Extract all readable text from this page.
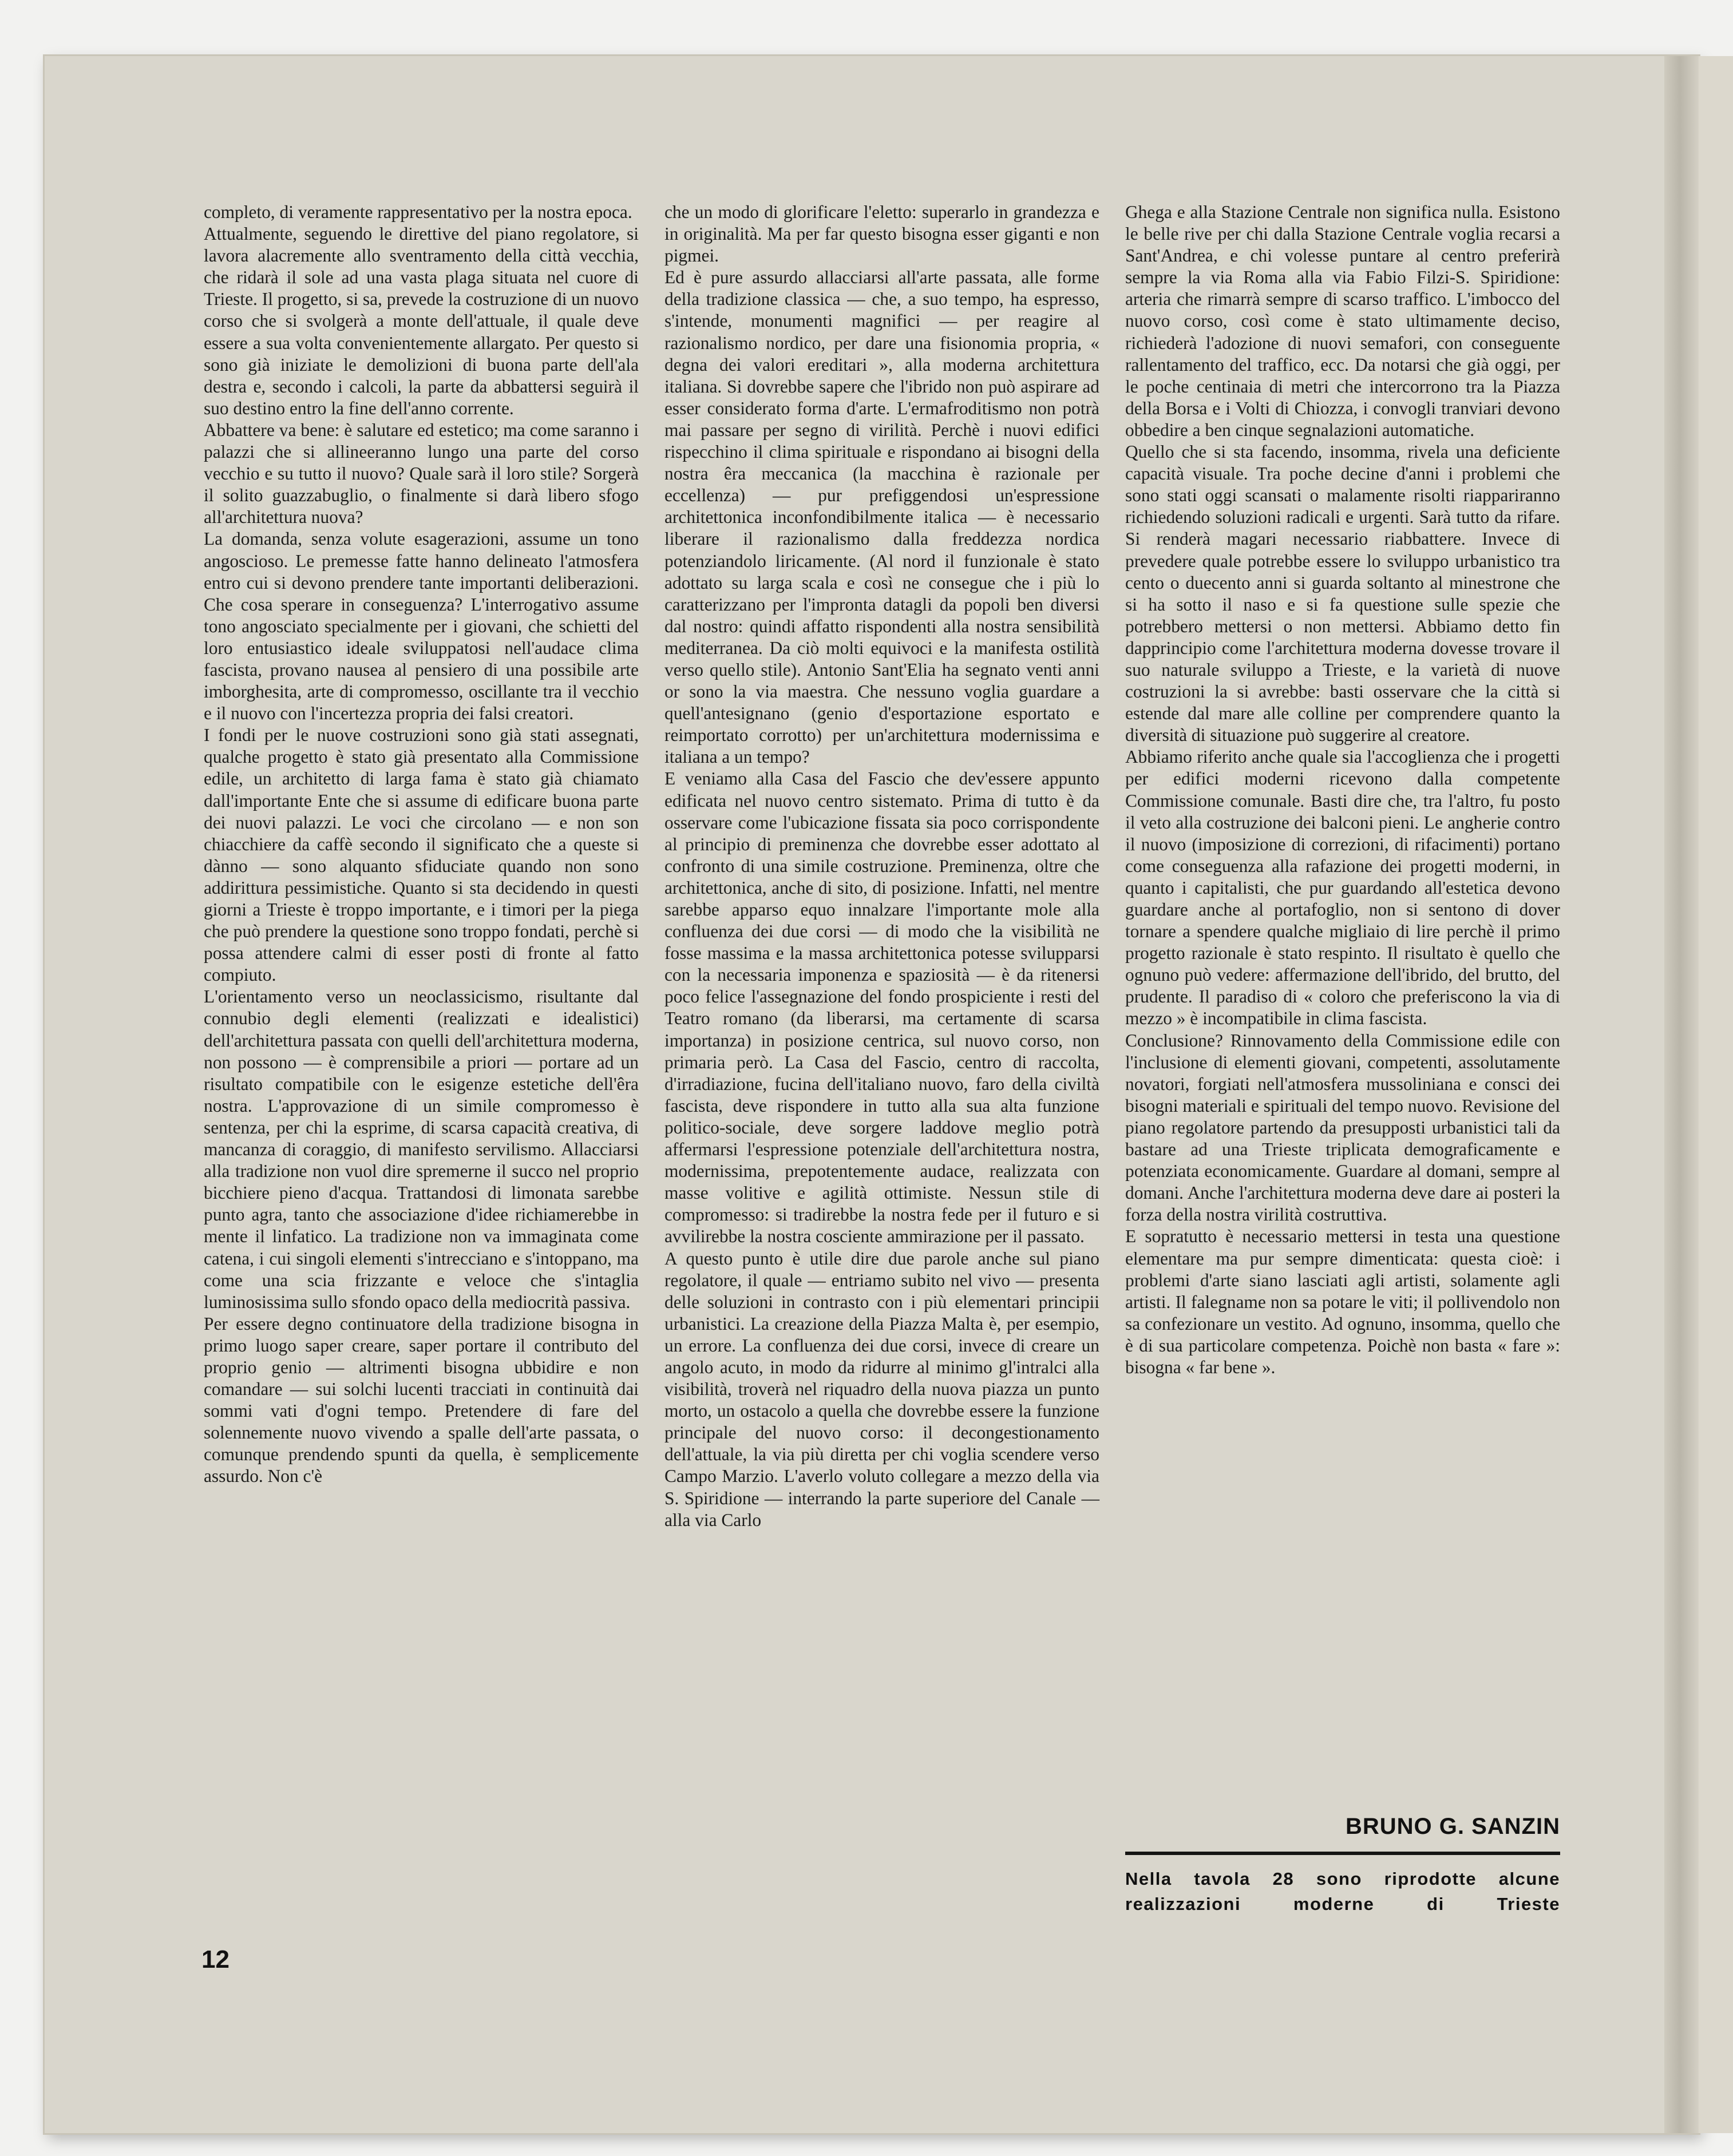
completo, di veramente rappresentativo per la nostra epoca.

Attualmente, seguendo le direttive del piano regolatore, si lavora alacremente allo sventramento della città vecchia, che ridarà il sole ad una vasta plaga situata nel cuore di Trieste. Il progetto, si sa, prevede la costruzione di un nuovo corso che si svolgerà a monte dell'attuale, il quale deve essere a sua volta convenientemente allargato. Per questo si sono già iniziate le demolizioni di buona parte dell'ala destra e, secondo i calcoli, la parte da abbattersi seguirà il suo destino entro la fine dell'anno corrente.

Abbattere va bene: è salutare ed estetico; ma come saranno i palazzi che si allineeranno lungo una parte del corso vecchio e su tutto il nuovo? Quale sarà il loro stile? Sorgerà il solito guazzabuglio, o finalmente si darà libero sfogo all'architettura nuova?

La domanda, senza volute esagerazioni, assume un tono angoscioso. Le premesse fatte hanno delineato l'atmosfera entro cui si devono prendere tante importanti deliberazioni. Che cosa sperare in conseguenza? L'interrogativo assume tono angosciato specialmente per i giovani, che schietti del loro entusiastico ideale sviluppatosi nell'audace clima fascista, provano nausea al pensiero di una possibile arte imborghesita, arte di compromesso, oscillante tra il vecchio e il nuovo con l'incertezza propria dei falsi creatori.

I fondi per le nuove costruzioni sono già stati assegnati, qualche progetto è stato già presentato alla Commissione edile, un architetto di larga fama è stato già chiamato dall'importante Ente che si assume di edificare buona parte dei nuovi palazzi. Le voci che circolano — e non son chiacchiere da caffè secondo il significato che a queste si dànno — sono alquanto sfiduciate quando non sono addirittura pessimistiche. Quanto si sta decidendo in questi giorni a Trieste è troppo importante, e i timori per la piega che può prendere la questione sono troppo fondati, perchè si possa attendere calmi di esser posti di fronte al fatto compiuto.

L'orientamento verso un neoclassicismo, risultante dal connubio degli elementi (realizzati e idealistici) dell'architettura passata con quelli dell'architettura moderna, non possono — è comprensibile a priori — portare ad un risultato compatibile con le esigenze estetiche dell'êra nostra. L'approvazione di un simile compromesso è sentenza, per chi la esprime, di scarsa capacità creativa, di mancanza di coraggio, di manifesto servilismo. Allacciarsi alla tradizione non vuol dire spremerne il succo nel proprio bicchiere pieno d'acqua. Trattandosi di limonata sarebbe punto agra, tanto che associazione d'idee richiamerebbe in mente il linfatico. La tradizione non va immaginata come catena, i cui singoli elementi s'intrecciano e s'intoppano, ma come una scia frizzante e veloce che s'intaglia luminosissima sullo sfondo opaco della mediocrità passiva.

Per essere degno continuatore della tradizione bisogna in primo luogo saper creare, saper portare il contributo del proprio genio — altrimenti bisogna ubbidire e non comandare — sui solchi lucenti tracciati in continuità dai sommi vati d'ogni tempo. Pretendere di fare del solennemente nuovo vivendo a spalle dell'arte passata, o comunque prendendo spunti da quella, è semplicemente assurdo. Non c'è

che un modo di glorificare l'eletto: superarlo in grandezza e in originalità. Ma per far questo bisogna esser giganti e non pigmei.

Ed è pure assurdo allacciarsi all'arte passata, alle forme della tradizione classica — che, a suo tempo, ha espresso, s'intende, monumenti magnifici — per reagire al razionalismo nordico, per dare una fisionomia propria, « degna dei valori ereditari », alla moderna architettura italiana. Si dovrebbe sapere che l'ibrido non può aspirare ad esser considerato forma d'arte. L'ermafroditismo non potrà mai passare per segno di virilità. Perchè i nuovi edifici rispecchino il clima spirituale e rispondano ai bisogni della nostra êra meccanica (la macchina è razionale per eccellenza) — pur prefiggendosi un'espressione architettonica inconfondibilmente italica — è necessario liberare il razionalismo dalla freddezza nordica potenziandolo liricamente. (Al nord il funzionale è stato adottato su larga scala e così ne consegue che i più lo caratterizzano per l'impronta datagli da popoli ben diversi dal nostro: quindi affatto rispondenti alla nostra sensibilità mediterranea. Da ciò molti equivoci e la manifesta ostilità verso quello stile). Antonio Sant'Elia ha segnato venti anni or sono la via maestra. Che nessuno voglia guardare a quell'antesignano (genio d'esportazione esportato e reimportato corrotto) per un'architettura modernissima e italiana a un tempo?

E veniamo alla Casa del Fascio che dev'essere appunto edificata nel nuovo centro sistemato. Prima di tutto è da osservare come l'ubicazione fissata sia poco corrispondente al principio di preminenza che dovrebbe esser adottato al confronto di una simile costruzione. Preminenza, oltre che architettonica, anche di sito, di posizione. Infatti, nel mentre sarebbe apparso equo innalzare l'importante mole alla confluenza dei due corsi — di modo che la visibilità ne fosse massima e la massa architettonica potesse svilupparsi con la necessaria imponenza e spaziosità — è da ritenersi poco felice l'assegnazione del fondo prospiciente i resti del Teatro romano (da liberarsi, ma certamente di scarsa importanza) in posizione centrica, sul nuovo corso, non primaria però. La Casa del Fascio, centro di raccolta, d'irradiazione, fucina dell'italiano nuovo, faro della civiltà fascista, deve rispondere in tutto alla sua alta funzione politico-sociale, deve sorgere laddove meglio potrà affermarsi l'espressione potenziale dell'architettura nostra, modernissima, prepotentemente audace, realizzata con masse volitive e agilità ottimiste. Nessun stile di compromesso: si tradirebbe la nostra fede per il futuro e si avvilirebbe la nostra cosciente ammirazione per il passato.

A questo punto è utile dire due parole anche sul piano regolatore, il quale — entriamo subito nel vivo — presenta delle soluzioni in contrasto con i più elementari principii urbanistici. La creazione della Piazza Malta è, per esempio, un errore. La confluenza dei due corsi, invece di creare un angolo acuto, in modo da ridurre al minimo gl'intralci alla visibilità, troverà nel riquadro della nuova piazza un punto morto, un ostacolo a quella che dovrebbe essere la funzione principale del nuovo corso: il decongestionamento dell'attuale, la via più diretta per chi voglia scendere verso Campo Marzio. L'averlo voluto collegare a mezzo della via S. Spiridione — interrando la parte superiore del Canale — alla via Carlo

Ghega e alla Stazione Centrale non significa nulla. Esistono le belle rive per chi dalla Stazione Centrale voglia recarsi a Sant'Andrea, e chi volesse puntare al centro preferirà sempre la via Roma alla via Fabio Filzi-S. Spiridione: arteria che rimarrà sempre di scarso traffico. L'imbocco del nuovo corso, così come è stato ultimamente deciso, richiederà l'adozione di nuovi semafori, con conseguente rallentamento del traffico, ecc. Da notarsi che già oggi, per le poche centinaia di metri che intercorrono tra la Piazza della Borsa e i Volti di Chiozza, i convogli tranviari devono obbedire a ben cinque segnalazioni automatiche.

Quello che si sta facendo, insomma, rivela una deficiente capacità visuale. Tra poche decine d'anni i problemi che sono stati oggi scansati o malamente risolti riappariranno richiedendo soluzioni radicali e urgenti. Sarà tutto da rifare. Si renderà magari necessario riabbattere. Invece di prevedere quale potrebbe essere lo sviluppo urbanistico tra cento o duecento anni si guarda soltanto al minestrone che si ha sotto il naso e si fa questione sulle spezie che potrebbero mettersi o non mettersi. Abbiamo detto fin dapprincipio come l'architettura moderna dovesse trovare il suo naturale sviluppo a Trieste, e la varietà di nuove costruzioni la si avrebbe: basti osservare che la città si estende dal mare alle colline per comprendere quanto la diversità di situazione può suggerire al creatore.

Abbiamo riferito anche quale sia l'accoglienza che i progetti per edifici moderni ricevono dalla competente Commissione comunale. Basti dire che, tra l'altro, fu posto il veto alla costruzione dei balconi pieni. Le angherie contro il nuovo (imposizione di correzioni, di rifacimenti) portano come conseguenza alla rafazione dei progetti moderni, in quanto i capitalisti, che pur guardando all'estetica devono guardare anche al portafoglio, non si sentono di dover tornare a spendere qualche migliaio di lire perchè il primo progetto razionale è stato respinto. Il risultato è quello che ognuno può vedere: affermazione dell'ibrido, del brutto, del prudente. Il paradiso di « coloro che preferiscono la via di mezzo » è incompatibile in clima fascista.

Conclusione? Rinnovamento della Commissione edile con l'inclusione di elementi giovani, competenti, assolutamente novatori, forgiati nell'atmosfera mussoliniana e consci dei bisogni materiali e spirituali del tempo nuovo. Revisione del piano regolatore partendo da presupposti urbanistici tali da bastare ad una Trieste triplicata demograficamente e potenziata economicamente. Guardare al domani, sempre al domani. Anche l'architettura moderna deve dare ai posteri la forza della nostra virilità costruttiva.

E sopratutto è necessario mettersi in testa una questione elementare ma pur sempre dimenticata: questa cioè: i problemi d'arte siano lasciati agli artisti, solamente agli artisti. Il falegname non sa potare le viti; il pollivendolo non sa confezionare un vestito. Ad ognuno, insomma, quello che è di sua particolare competenza. Poichè non basta « fare »: bisogna « far bene ».

BRUNO G. SANZIN
Nella tavola 28 sono riprodotte alcune realizzazioni moderne di Trieste
12
